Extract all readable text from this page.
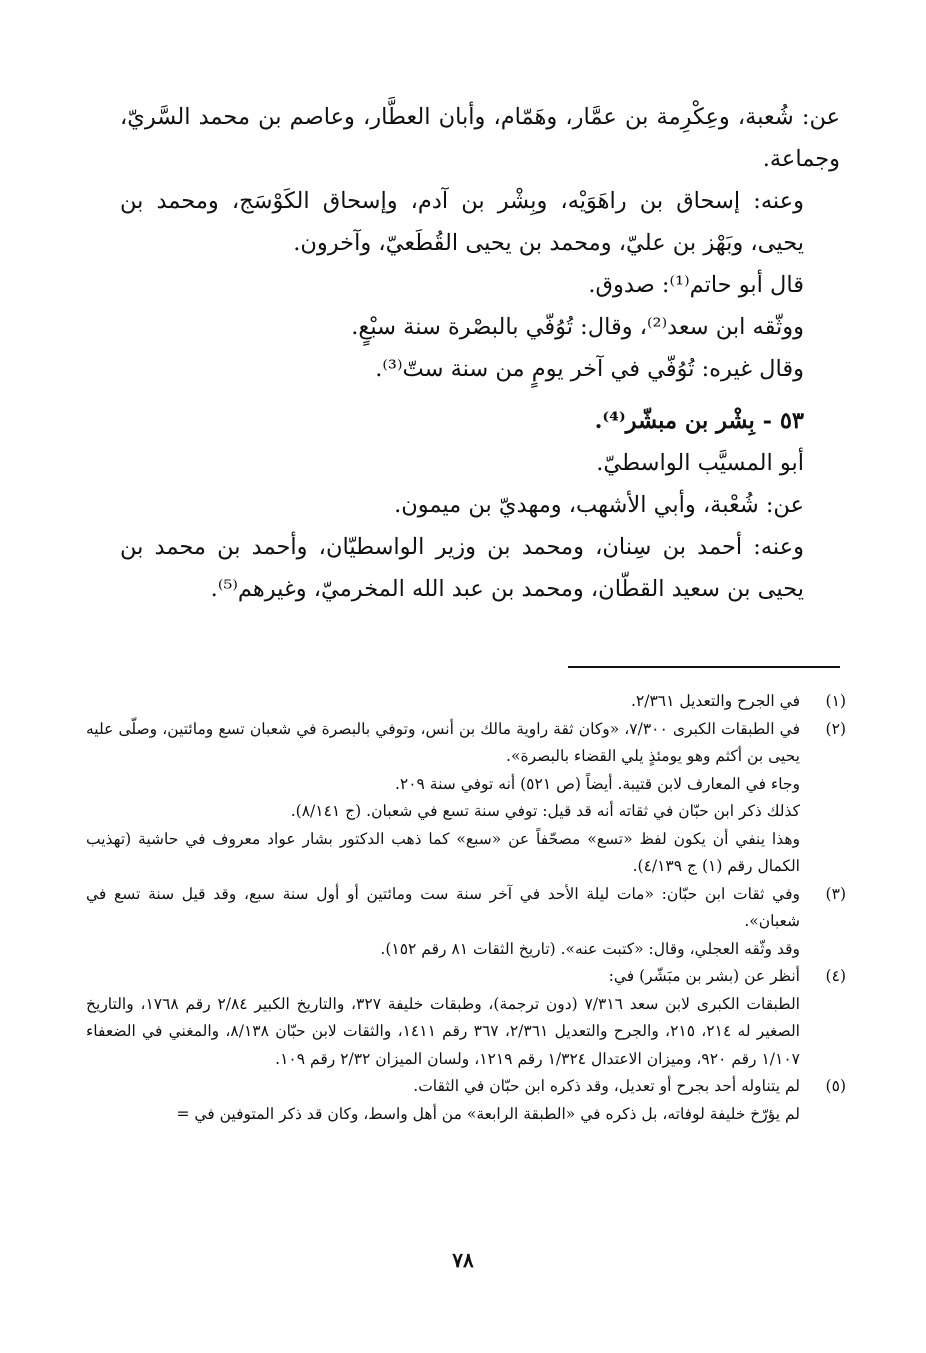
عن: شُعبة، وعِكْرِمة بن عمَّار، وهَمّام، وأبان العطَّار، وعاصم بن محمد السَّريّ، وجماعة.

وعنه: إسحاق بن راهَوَيْه، وبِشْر بن آدم، وإسحاق الكَوْسَج، ومحمد بن يحيى، وبَهْز بن عليّ، ومحمد بن يحيى القُطَعيّ، وآخرون.

قال أبو حاتم⁽¹⁾: صدوق.

ووثّقه ابن سعد⁽²⁾، وقال: تُوُفّي بالبصْرة سنة سبْعٍ.

وقال غيره: تُوُفّي في آخر يومٍ من سنة ستّ⁽³⁾.

٥٣ - بِشْر بن مبشّر⁽⁴⁾.

أبو المسيَّب الواسطيّ.

عن: شُعْبة، وأبي الأشهب، ومهديّ بن ميمون.

وعنه: أحمد بن سِنان، ومحمد بن وزير الواسطيّان، وأحمد بن محمد بن يحيى بن سعيد القطّان، ومحمد بن عبد الله المخرميّ، وغيرهم⁽⁵⁾.

(١)

في الجرح والتعديل ٢/٣٦١.

(٢)

في الطبقات الكبرى ٧/٣٠٠، «وكان ثقة راوية مالك بن أنس، وتوفي بالبصرة في شعبان تسع ومائتين، وصلّى عليه يحيى بن أكثم وهو يومئذٍ يلي القضاء بالبصرة».

وجاء في المعارف لابن قتيبة. أيضاً (ص ٥٢١) أنه توفي سنة ٢٠٩.

كذلك ذكر ابن حبّان في ثقاته أنه قد قيل: توفي سنة تسع في شعبان. (ج ٨/١٤١).

وهذا ينفي أن يكون لفظ «تسع» مصحّفاً عن «سبع» كما ذهب الدكتور بشار عواد معروف في حاشية (تهذيب الكمال رقم (١) ج ٤/١٣٩).

(٣)

وفي ثقات ابن حبّان: «مات ليلة الأحد في آخر سنة ست ومائتين أو أول سنة سبع، وقد قيل سنة تسع في شعبان».

وقد وثّقه العجلي، وقال: «كتبت عنه». (تاريخ الثقات ٨١ رقم ١٥٢).

(٤)

أنظر عن (بشر بن مبَشّر) في:

الطبقات الكبرى لابن سعد ٧/٣١٦ (دون ترجمة)، وطبقات خليفة ٣٢٧، والتاريخ الكبير ٢/٨٤ رقم ١٧٦٨، والتاريخ الصغير له ٢١٤، ٢١٥، والجرح والتعديل ٢/٣٦١، ٣٦٧ رقم ١٤١١، والثقات لابن حبّان ٨/١٣٨، والمغني في الضعفاء ١/١٠٧ رقم ٩٢٠، وميزان الاعتدال ١/٣٢٤ رقم ١٢١٩، ولسان الميزان ٢/٣٢ رقم ١٠٩.

(٥)

لم يتناوله أحد بجرح أو تعديل، وقد ذكره ابن حبّان في الثقات.

لم يؤرّخ خليفة لوفاته، بل ذكره في «الطبقة الرابعة» من أهل واسط، وكان قد ذكر المتوفين في =

٧٨
